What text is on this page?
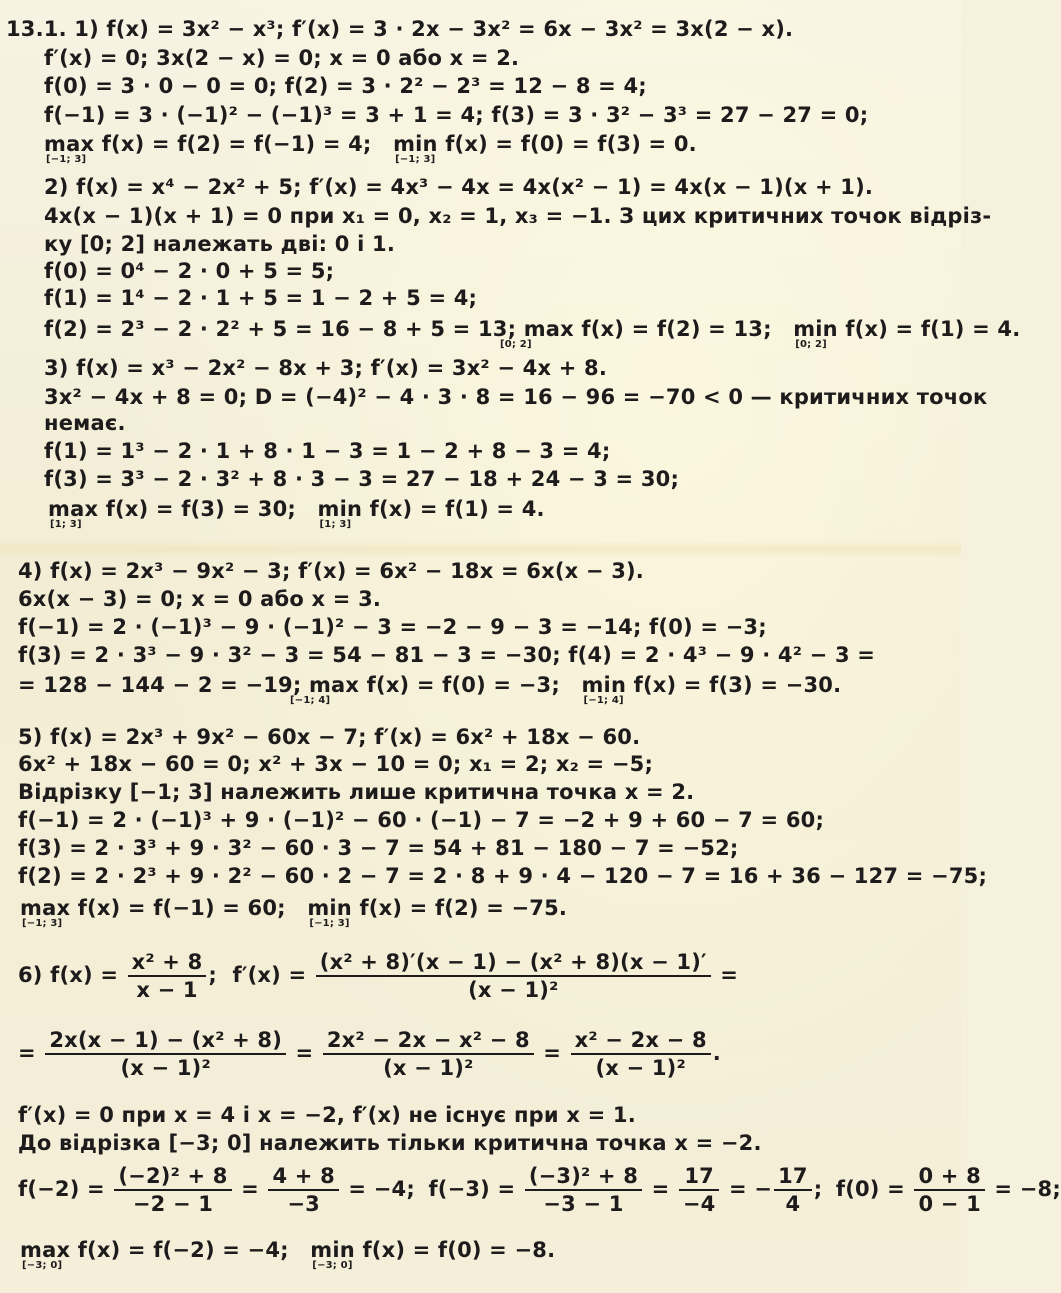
13.1. 1) f(x) = 3x² − x³; f′(x) = 3 · 2x − 3x² = 6x − 3x² = 3x(2 − x).
f′(x) = 0; 3x(2 − x) = 0; x = 0 або x = 2.
f(0) = 3 · 0 − 0 = 0; f(2) = 3 · 2² − 2³ = 12 − 8 = 4;
f(−1) = 3 · (−1)² − (−1)³ = 3 + 1 = 4; f(3) = 3 · 3² − 3³ = 27 − 27 = 0;
max f(x) = f(2) = f(−1) = 4;
[−1; 3]
min f(x) = f(0) = f(3) = 0.
[−1; 3]
2) f(x) = x⁴ − 2x² + 5; f′(x) = 4x³ − 4x = 4x(x² − 1) = 4x(x − 1)(x + 1).
4x(x − 1)(x + 1) = 0 при x₁ = 0, x₂ = 1, x₃ = −1. З цих критичних точок відріз-
ку [0; 2] належать дві: 0 і 1.
f(0) = 0⁴ − 2 · 0 + 5 = 5;
f(1) = 1⁴ − 2 · 1 + 5 = 1 − 2 + 5 = 4;
f(2) = 2³ − 2 · 2² + 5 = 16 − 8 + 5 = 13; max f(x) = f(2) = 13;
[0; 2]
min f(x) = f(1) = 4.
[0; 2]
3) f(x) = x³ − 2x² − 8x + 3; f′(x) = 3x² − 4x + 8.
3x² − 4x + 8 = 0; D = (−4)² − 4 · 3 · 8 = 16 − 96 = −70 < 0 — критичних точок
немає.
f(1) = 1³ − 2 · 1 + 8 · 1 − 3 = 1 − 2 + 8 − 3 = 4;
f(3) = 3³ − 2 · 3² + 8 · 3 − 3 = 27 − 18 + 24 − 3 = 30;
max f(x) = f(3) = 30;
[1; 3]
min f(x) = f(1) = 4.
[1; 3]
4) f(x) = 2x³ − 9x² − 3; f′(x) = 6x² − 18x = 6x(x − 3).
6x(x − 3) = 0; x = 0 або x = 3.
f(−1) = 2 · (−1)³ − 9 · (−1)² − 3 = −2 − 9 − 3 = −14; f(0) = −3;
f(3) = 2 · 3³ − 9 · 3² − 3 = 54 − 81 − 3 = −30; f(4) = 2 · 4³ − 9 · 4² − 3 =
= 128 − 144 − 2 = −19; max f(x) = f(0) = −3;
[−1; 4]
min f(x) = f(3) = −30.
[−1; 4]
5) f(x) = 2x³ + 9x² − 60x − 7; f′(x) = 6x² + 18x − 60.
6x² + 18x − 60 = 0; x² + 3x − 10 = 0; x₁ = 2; x₂ = −5;
Відрізку [−1; 3] належить лише критична точка x = 2.
f(−1) = 2 · (−1)³ + 9 · (−1)² − 60 · (−1) − 7 = −2 + 9 + 60 − 7 = 60;
f(3) = 2 · 3³ + 9 · 3² − 60 · 3 − 7 = 54 + 81 − 180 − 7 = −52;
f(2) = 2 · 2³ + 9 · 2² − 60 · 2 − 7 = 2 · 8 + 9 · 4 − 120 − 7 = 16 + 36 − 127 = −75;
max f(x) = f(−1) = 60;
[−1; 3]
min f(x) = f(2) = −75.
[−1; 3]
6) $f(x) = \frac{\text{x² + 8}}{x - 1}$ ; $f'(x) = \frac{\text{(x² + 8)′(x − 1) − (x² + 8)(x − 1)′}}{\text{(x − 1)²}}$ =
= $\frac{\text{2x(x − 1) − (x² + 8)}}{\text{(x − 1)²}} = \frac{\text{2x² − 2x − x² − 8}}{\text{(x − 1)²}} = \frac{\text{x² − 2x − 8}}{\text{(x − 1)²}}$ .
f′(x) = 0 при x = 4 і x = −2, f′(x) не існує при x = 1.
До відрізка [−3; 0] належить тільки критична точка x = −2.
$f(-2) = \frac{\text{(−2)² + 8}}{-2 - 1} = \frac{4 + 8}{-3} = -4$; $f(-3) = \frac{\text{(−3)² + 8}}{-3 - 1} = \frac{17}{-4}$ = − $\frac{17}{4}$ ; $f(0) = \frac{0 + 8}{0 - 1} = -8$;
max f(x) = f(−2) = −4;
[−3; 0]
min f(x) = f(0) = −8.
[−3; 0]
